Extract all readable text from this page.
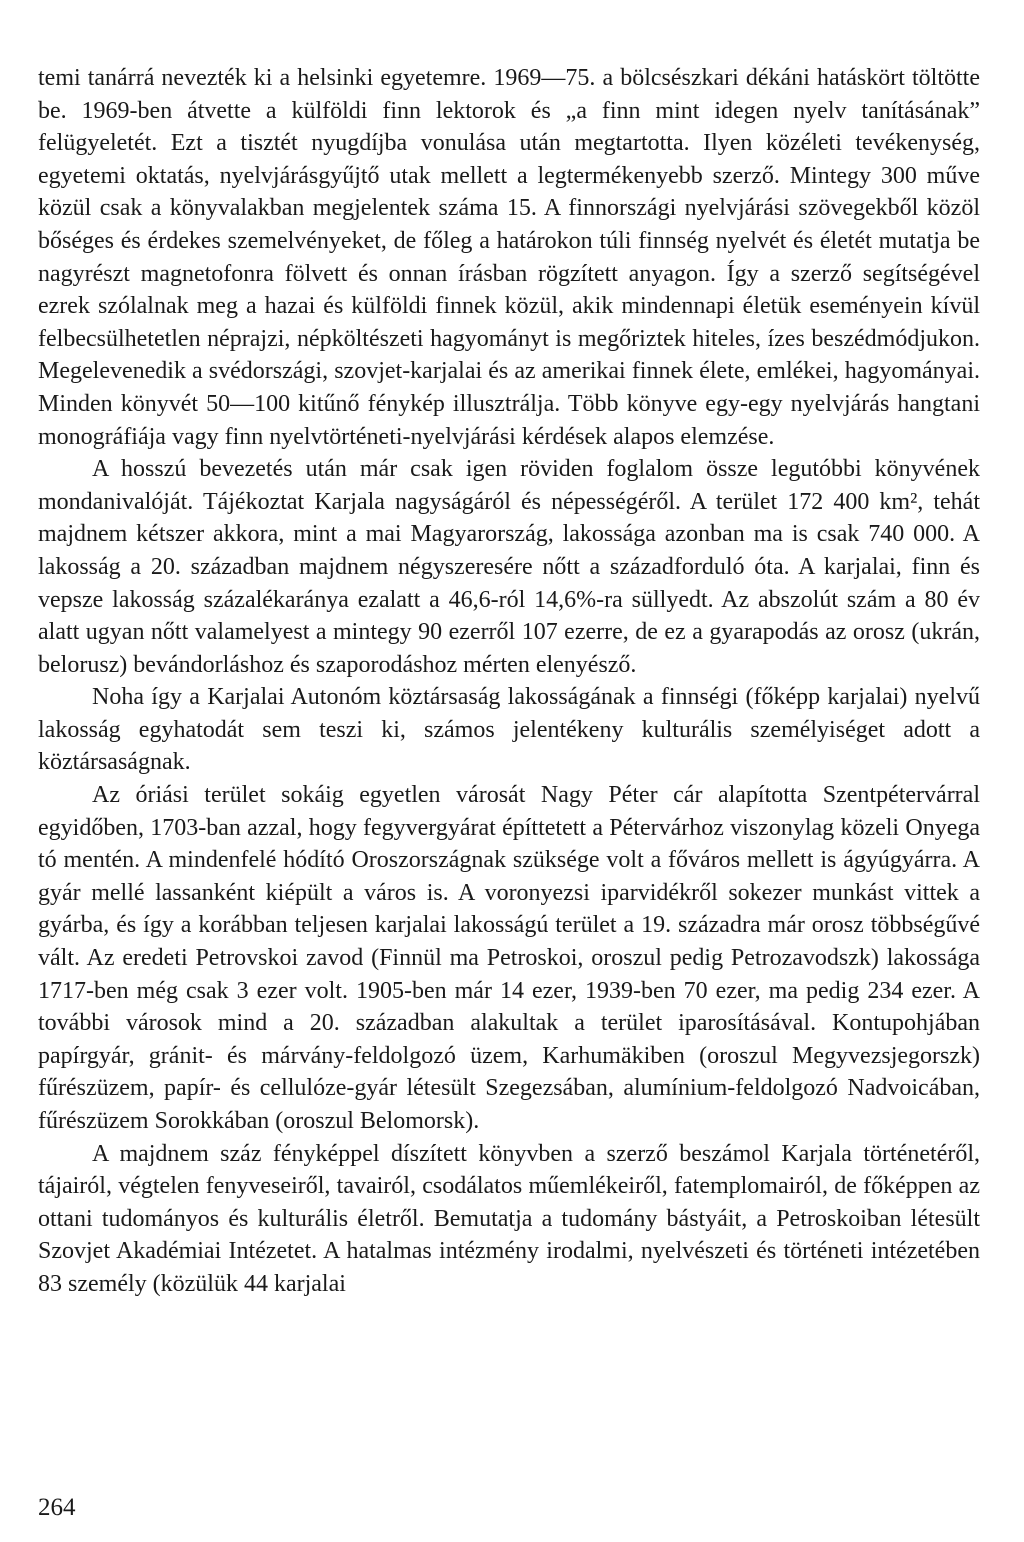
temi tanárrá nevezték ki a helsinki egyetemre. 1969—75. a bölcsészkari dékáni hatáskört töltötte be. 1969-ben átvette a külföldi finn lektorok és „a finn mint idegen nyelv tanításának” felügyeletét. Ezt a tisztét nyugdíjba vonulása után megtartotta. Ilyen közéleti tevékenység, egyetemi oktatás, nyelvjárásgyűjtő utak mellett a legtermékenyebb szerző. Mintegy 300 műve közül csak a könyvalakban megjelentek száma 15. A finnországi nyelvjárási szövegekből közöl bőséges és érdekes szemelvényeket, de főleg a határokon túli finnség nyelvét és életét mutatja be nagyrészt magnetofonra fölvett és onnan írásban rögzített anyagon. Így a szerző segítségével ezrek szólalnak meg a hazai és külföldi finnek közül, akik mindennapi életük eseményein kívül felbecsülhetetlen néprajzi, népköltészeti hagyományt is megőriztek hiteles, ízes beszédmódjukon. Megelevenedik a svédországi, szovjet-karjalai és az amerikai finnek élete, emlékei, hagyományai. Minden könyvét 50—100 kitűnő fénykép illusztrálja. Több könyve egy-egy nyelvjárás hangtani monográfiája vagy finn nyelvtörténeti-nyelvjárási kérdések alapos elemzése.

A hosszú bevezetés után már csak igen röviden foglalom össze legutóbbi könyvének mondanivalóját. Tájékoztat Karjala nagyságáról és népességéről. A terület 172 400 km², tehát majdnem kétszer akkora, mint a mai Magyarország, lakossága azonban ma is csak 740 000. A lakosság a 20. században majdnem négyszeresére nőtt a századforduló óta. A karjalai, finn és vepsze lakosság százalékaránya ezalatt a 46,6-ról 14,6%-ra süllyedt. Az abszolút szám a 80 év alatt ugyan nőtt valamelyest a mintegy 90 ezerről 107 ezerre, de ez a gyarapodás az orosz (ukrán, belorusz) bevándorláshoz és szaporodáshoz mérten elenyésző.

Noha így a Karjalai Autonóm köztársaság lakosságának a finnségi (főképp karjalai) nyelvű lakosság egyhatodát sem teszi ki, számos jelentékeny kulturális személyiséget adott a köztársaságnak.

Az óriási terület sokáig egyetlen városát Nagy Péter cár alapította Szentpétervárral egyidőben, 1703-ban azzal, hogy fegyvergyárat építtetett a Pétervárhoz viszonylag közeli Onyega tó mentén. A mindenfelé hódító Oroszországnak szüksége volt a főváros mellett is ágyúgyárra. A gyár mellé lassanként kiépült a város is. A voronyezsi iparvidékről sokezer munkást vittek a gyárba, és így a korábban teljesen karjalai lakosságú terület a 19. századra már orosz többségűvé vált. Az eredeti Petrovskoi zavod (Finnül ma Petroskoi, oroszul pedig Petrozavodszk) lakossága 1717-ben még csak 3 ezer volt. 1905-ben már 14 ezer, 1939-ben 70 ezer, ma pedig 234 ezer. A további városok mind a 20. században alakultak a terület iparosításával. Kontupohjában papírgyár, gránit- és márvány-feldolgozó üzem, Karhumäkiben (oroszul Megyvezsjegorszk) fűrészüzem, papír- és cellulóze-gyár létesült Szegezsában, alumínium-feldolgozó Nadvoicában, fűrészüzem Sorokkában (oroszul Belomorsk).

A majdnem száz fényképpel díszített könyvben a szerző beszámol Karjala történetéről, tájairól, végtelen fenyveseiről, tavairól, csodálatos műemlékeiről, fatemplomairól, de főképpen az ottani tudományos és kulturális életről. Bemutatja a tudomány bástyáit, a Petroskoiban létesült Szovjet Akadémiai Intézetet. A hatalmas intézmény irodalmi, nyelvészeti és történeti intézetében 83 személy (közülük 44 karjalai

264
